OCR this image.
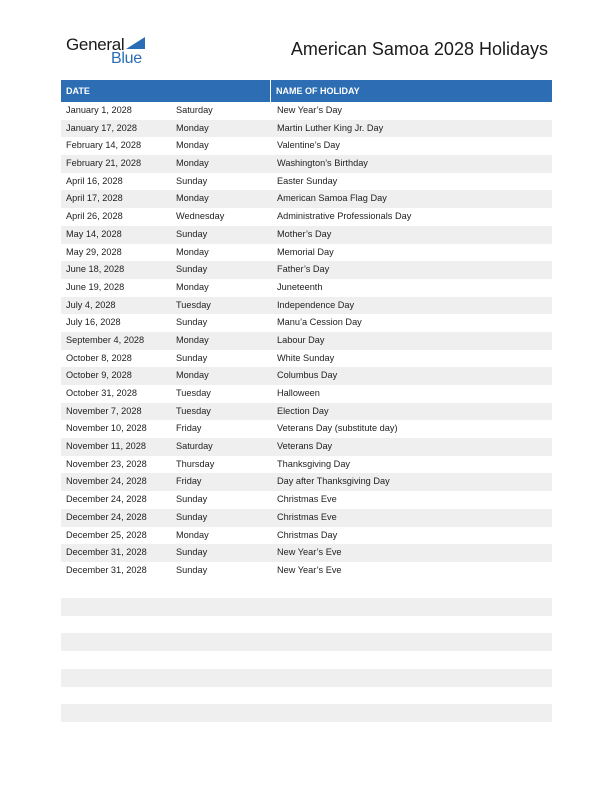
General
Blue	American Samoa 2028 Holidays
DATE	NAME OF HOLIDAY
January 1, 2028	Saturday	New Year’s Day
January 17, 2028	Monday	Martin Luther King Jr. Day
February 14, 2028	Monday	Valentine’s Day
February 21, 2028	Monday	Washington’s Birthday
April 16, 2028	Sunday	Easter Sunday
April 17, 2028	Monday	American Samoa Flag Day
April 26, 2028	Wednesday	Administrative Professionals Day
May 14, 2028	Sunday	Mother’s Day
May 29, 2028	Monday	Memorial Day
June 18, 2028	Sunday	Father’s Day
June 19, 2028	Monday	Juneteenth
July 4, 2028	Tuesday	Independence Day
July 16, 2028	Sunday	Manu’a Cession Day
September 4, 2028	Monday	Labour Day
October 8, 2028	Sunday	White Sunday
October 9, 2028	Monday	Columbus Day
October 31, 2028	Tuesday	Halloween
November 7, 2028	Tuesday	Election Day
November 10, 2028	Friday	Veterans Day (substitute day)
November 11, 2028	Saturday	Veterans Day
November 23, 2028	Thursday	Thanksgiving Day
November 24, 2028	Friday	Day after Thanksgiving Day
December 24, 2028	Sunday	Christmas Eve
December 24, 2028	Sunday	Christmas Eve
December 25, 2028	Monday	Christmas Day
December 31, 2028	Sunday	New Year’s Eve
December 31, 2028	Sunday	New Year’s Eve
